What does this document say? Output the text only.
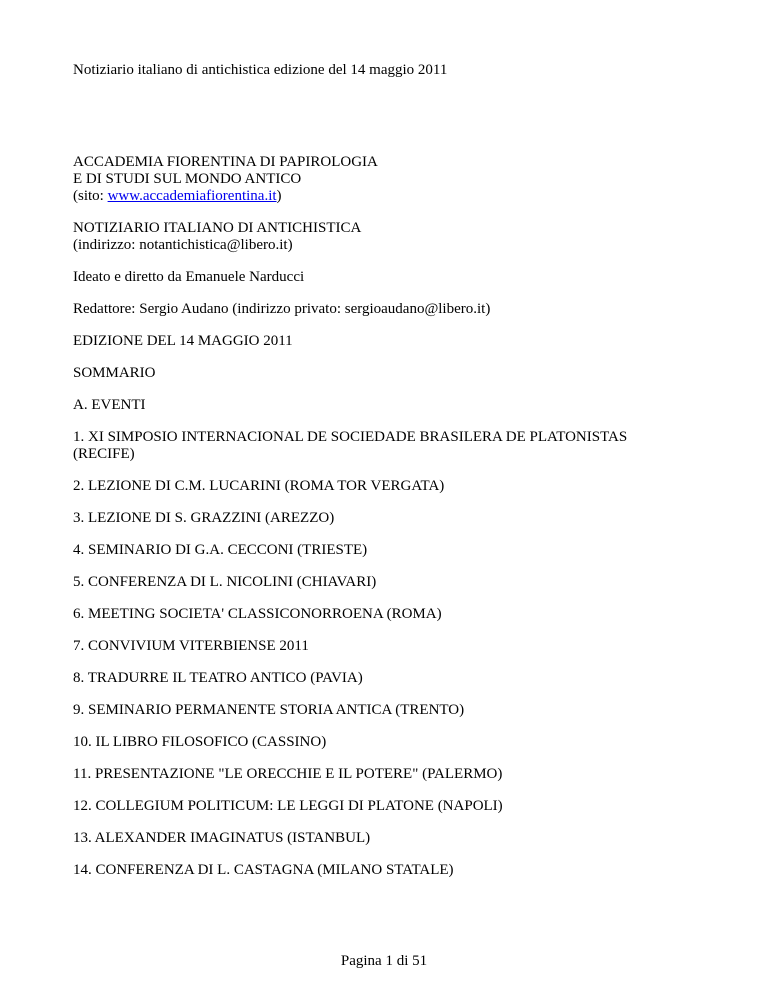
Notiziario italiano di antichistica edizione del 14 maggio 2011
ACCADEMIA FIORENTINA DI PAPIROLOGIA
E DI STUDI SUL MONDO ANTICO
(sito: www.accademiafiorentina.it)
NOTIZIARIO ITALIANO DI ANTICHISTICA
(indirizzo: notantichistica@libero.it)
Ideato e diretto da Emanuele Narducci
Redattore: Sergio Audano (indirizzo privato: sergioaudano@libero.it)
EDIZIONE DEL 14 MAGGIO 2011
SOMMARIO
A. EVENTI
1. XI SIMPOSIO INTERNACIONAL DE SOCIEDADE BRASILERA DE PLATONISTAS
(RECIFE)
2. LEZIONE DI C.M. LUCARINI (ROMA TOR VERGATA)
3. LEZIONE DI S. GRAZZINI (AREZZO)
4. SEMINARIO DI G.A. CECCONI (TRIESTE)
5. CONFERENZA DI L. NICOLINI (CHIAVARI)
6. MEETING SOCIETA' CLASSICONORROENA (ROMA)
7. CONVIVIUM VITERBIENSE 2011
8. TRADURRE IL TEATRO ANTICO (PAVIA)
9. SEMINARIO PERMANENTE STORIA ANTICA (TRENTO)
10. IL LIBRO FILOSOFICO (CASSINO)
11. PRESENTAZIONE "LE ORECCHIE E IL POTERE" (PALERMO)
12. COLLEGIUM POLITICUM: LE LEGGI DI PLATONE (NAPOLI)
13. ALEXANDER IMAGINATUS (ISTANBUL)
14. CONFERENZA DI L. CASTAGNA (MILANO STATALE)
Pagina 1 di 51
